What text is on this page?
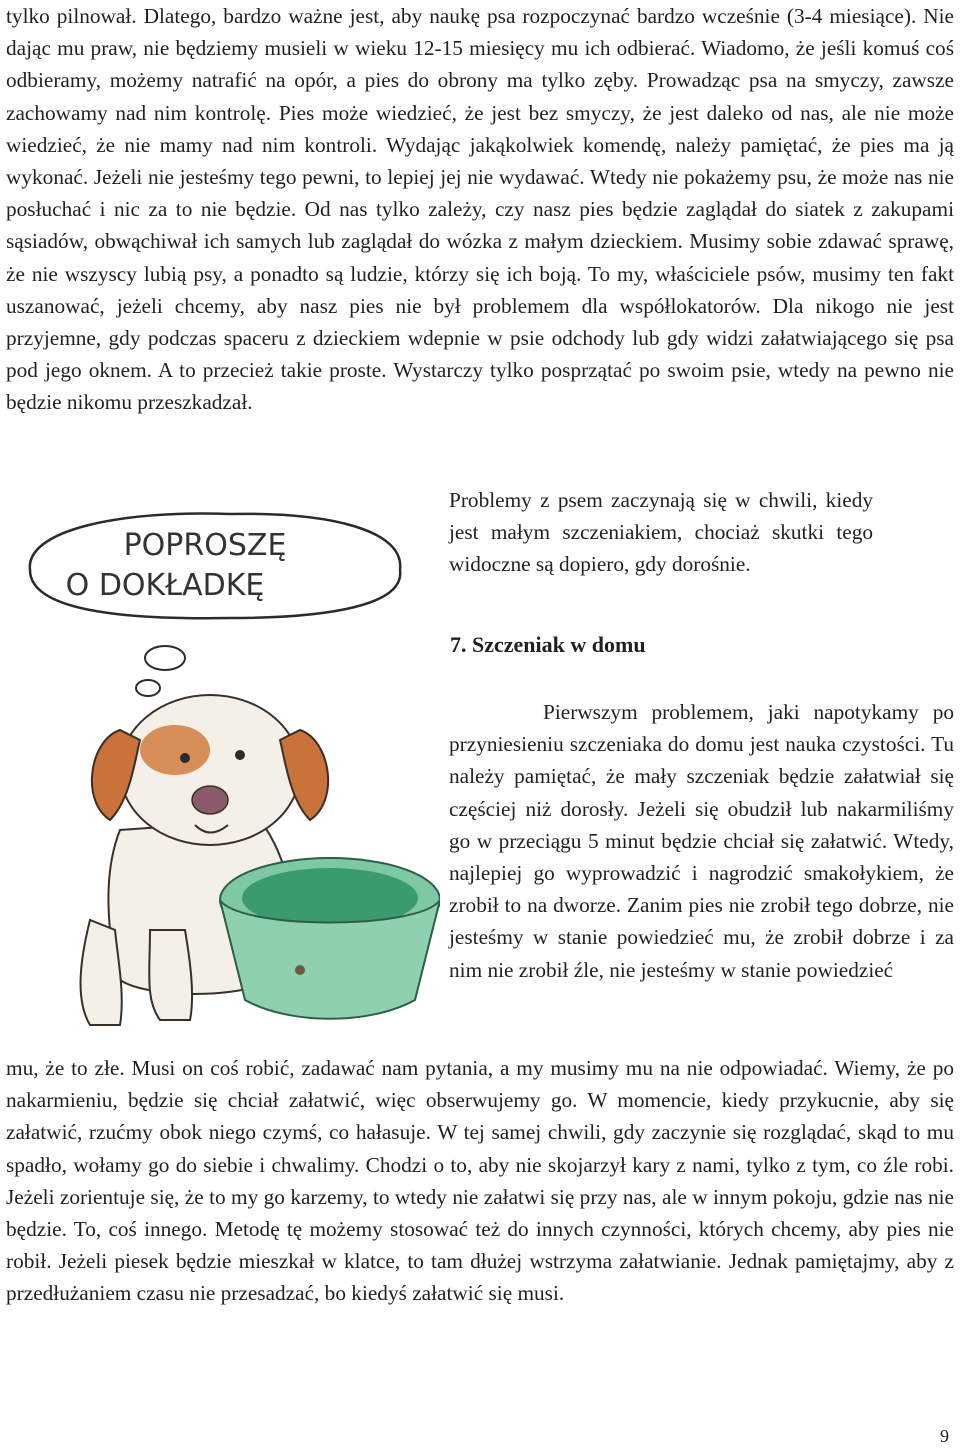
tylko pilnował. Dlatego, bardzo ważne jest, aby naukę psa rozpoczynać bardzo wcześnie (3-4 miesiące). Nie dając mu praw, nie będziemy musieli w wieku 12-15 miesięcy mu ich odbierać. Wiadomo, że jeśli komuś coś odbieramy, możemy natrafić na opór, a pies do obrony ma tylko zęby. Prowadząc psa na smyczy, zawsze zachowamy nad nim kontrolę. Pies może wiedzieć, że jest bez smyczy, że jest daleko od nas, ale nie może wiedzieć, że nie mamy nad nim kontroli. Wydając jakąkolwiek komendę, należy pamiętać, że pies ma ją wykonać. Jeżeli nie jesteśmy tego pewni, to lepiej jej nie wydawać. Wtedy nie pokażemy psu, że może nas nie posłuchać i nic za to nie będzie. Od nas tylko zależy, czy nasz pies będzie zaglądał do siatek z zakupami sąsiadów, obwąchiwał ich samych lub zaglądał do wózka z małym dzieckiem. Musimy sobie zdawać sprawę, że nie wszyscy lubią psy, a ponadto są ludzie, którzy się ich boją. To my, właściciele psów, musimy ten fakt uszanować, jeżeli chcemy, aby nasz pies nie był problemem dla współlokatorów. Dla nikogo nie jest przyjemne, gdy podczas spaceru z dzieckiem wdepnie w psie odchody lub gdy widzi załatwiającego się psa pod jego oknem. A to przecież takie proste. Wystarczy tylko posprzątać po swoim psie, wtedy na pewno nie będzie nikomu przeszkadzał.

POPROSZĘ
O DOKŁADKĘ

Problemy z psem zaczynają się w chwili, kiedy jest małym szczeniakiem, chociaż skutki tego widoczne są dopiero, gdy dorośnie.

7. Szczeniak w domu

Pierwszym problemem, jaki napotykamy po przyniesieniu szczeniaka do domu jest nauka czystości. Tu należy pamiętać, że mały szczeniak będzie załatwiał się częściej niż dorosły. Jeżeli się obudził lub nakarmiliśmy go w przeciągu 5 minut będzie chciał się załatwić. Wtedy, najlepiej go wyprowadzić i nagrodzić smakołykiem, że zrobił to na dworze. Zanim pies nie zrobił tego dobrze, nie jesteśmy w stanie powiedzieć mu, że zrobił dobrze i za nim nie zrobił źle, nie jesteśmy w stanie powiedzieć

mu, że to złe. Musi on coś robić, zadawać nam pytania, a my musimy mu na nie odpowiadać. Wiemy, że po nakarmieniu, będzie się chciał załatwić, więc obserwujemy go. W momencie, kiedy przykucnie, aby się załatwić, rzućmy obok niego czymś, co hałasuje. W tej samej chwili, gdy zaczynie się rozglądać, skąd to mu spadło, wołamy go do siebie i chwalimy. Chodzi o to, aby nie skojarzył kary z nami, tylko z tym, co źle robi. Jeżeli zorientuje się, że to my go karzemy, to wtedy nie załatwi się przy nas, ale w innym pokoju, gdzie nas nie będzie. To, coś innego. Metodę tę możemy stosować też do innych czynności, których chcemy, aby pies nie robił. Jeżeli piesek będzie mieszkał w klatce, to tam dłużej wstrzyma załatwianie. Jednak pamiętajmy, aby z przedłużaniem czasu nie przesadzać, bo kiedyś załatwić się musi.

9
